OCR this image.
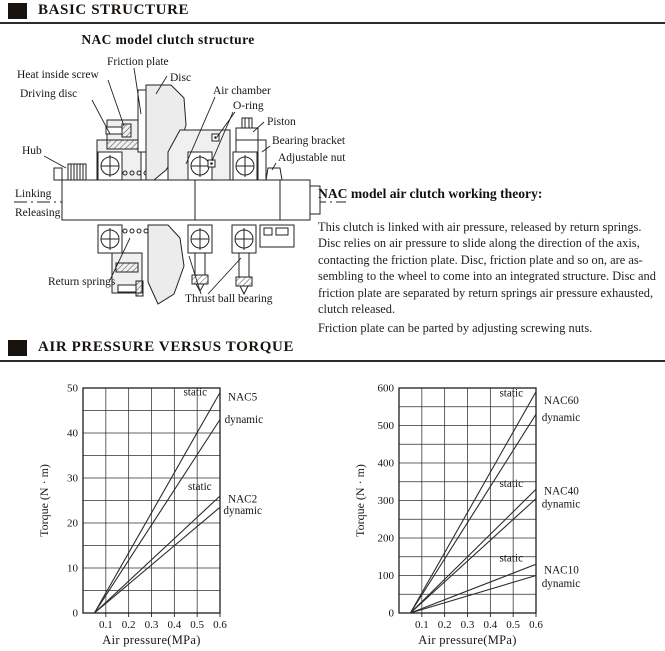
BASIC STRUCTURE
NAC model clutch structure
Friction plate
Heat inside screw	Disc
Driving disc	Air chamber
O-ring
Piston
Bearing bracket
Adjustable nut
Hub
Linking
Releasing
Return springs
Thrust ball bearing
NAC model air clutch working theory:
This clutch is linked with air pressure, released by return springs.
Disc relies on air pressure to slide along the direction of the axis,
contacting the friction plate. Disc, friction plate and so on, are as-
sembling to the wheel to come into an integrated structure. Disc and
friction plate are separated by return springs air pressure exhausted,
clutch released.
Friction plate can be parted by adjusting screwing nuts.
AIR PRESSURE VERSUS TORQUE
0
10
20
30
40
50
0.1 0.2 0.3 0.4 0.5 0.6
static NAC5
dynamic
static
NAC2
dynamic
Air pressure(MPa)
Torque (N · m)
0
100
200
300
400
500
600
0.1 0.2 0.3 0.4 0.5 0.6
static
NAC60
dynamic
static
NAC40
dynamic
static
NAC10
dynamic
Air pressure(MPa)
Torque (N · m)
